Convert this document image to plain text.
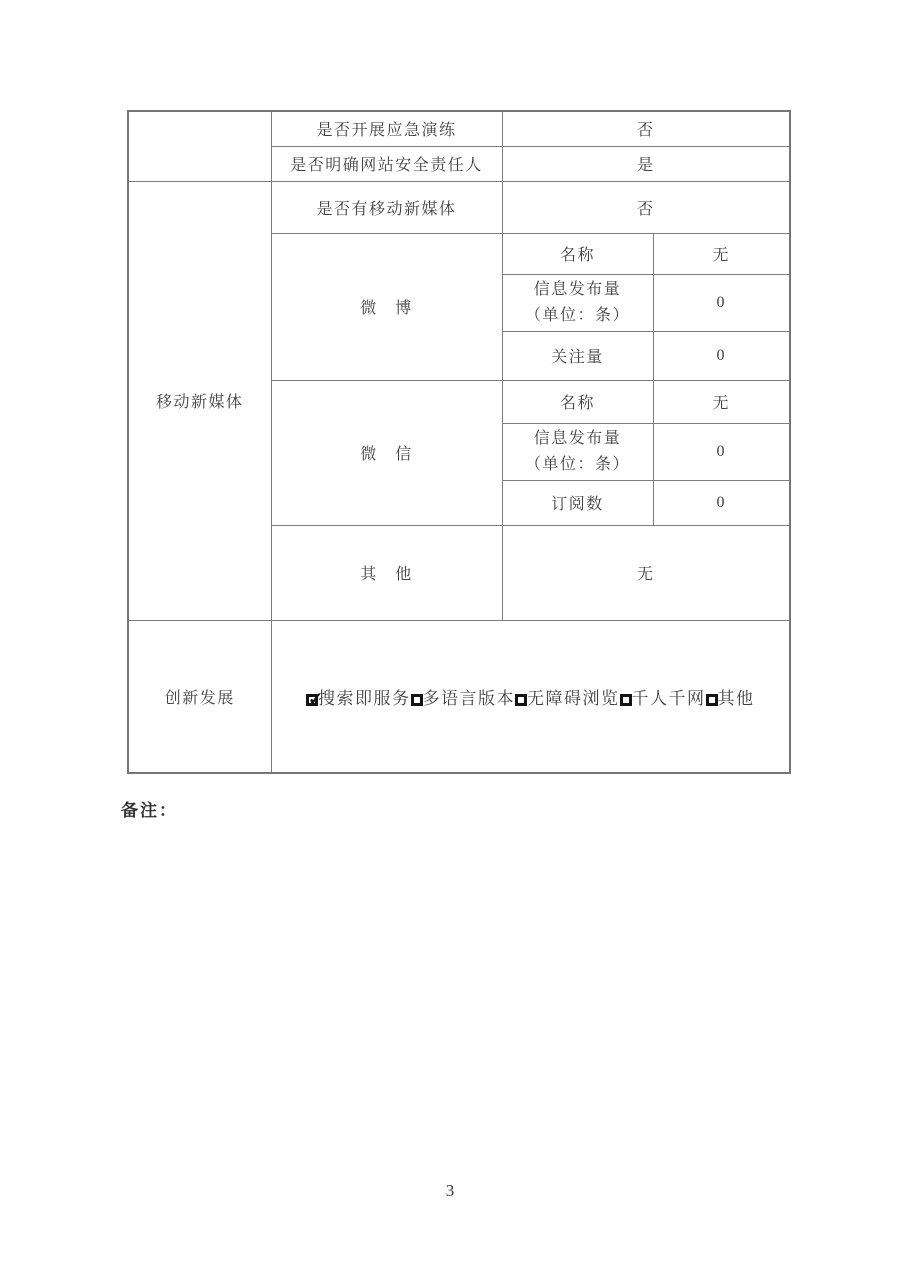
	是否开展应急演练	否	
	是否明确网站安全责任人	是	
移动新媒体	是否有移动新媒体	否	
	微　博	名称	无

		信息发布量
（单位：条）	0
		关注量	0
	微　信	名称	无

		信息发布量
（单位：条）	0
		订阅数	0
	其　他	无	
创新发展	✓搜索即服务 多语言版本 无障碍浏览 千人千网 其他
备注：
3
